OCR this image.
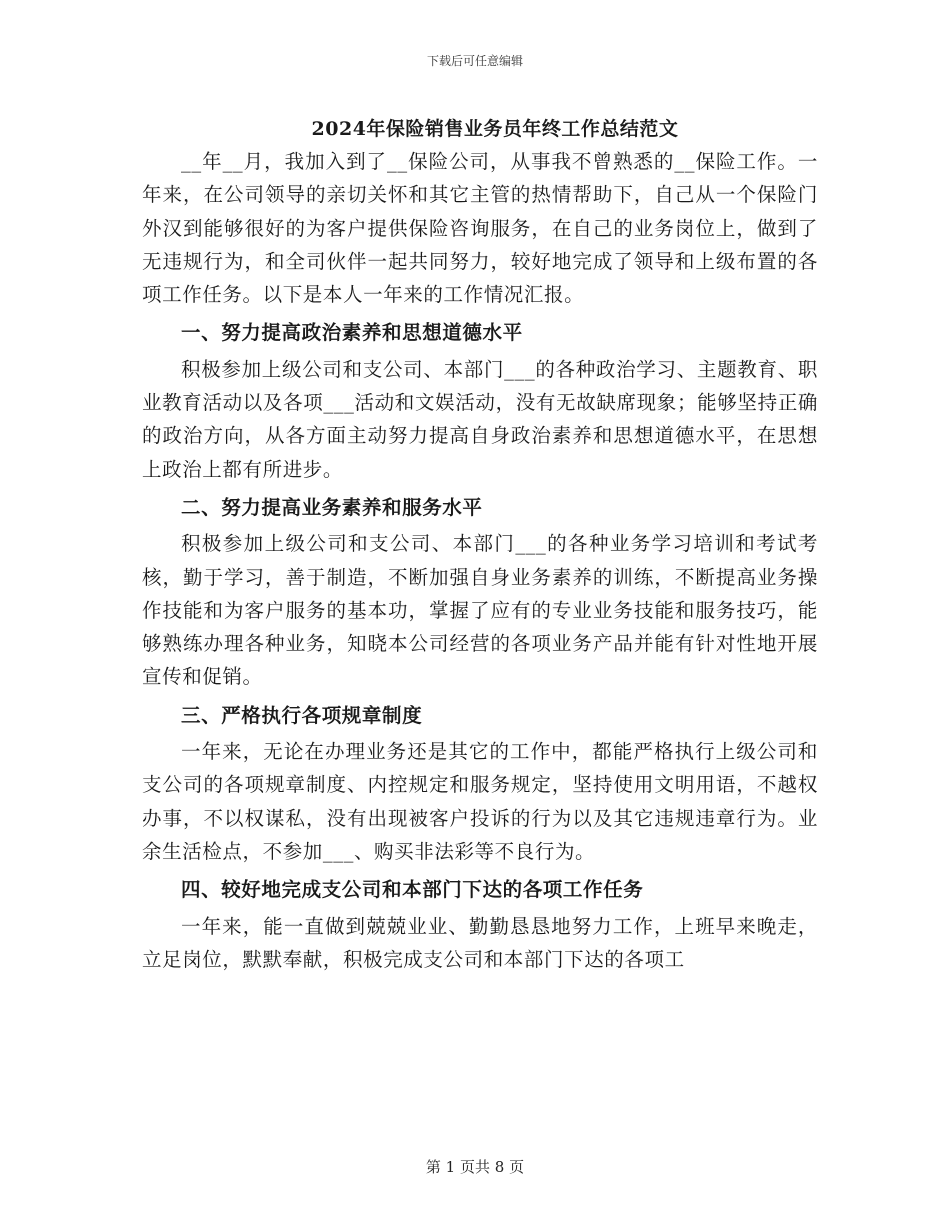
下载后可任意编辑
2024年保险销售业务员年终工作总结范文

__年__月，我加入到了__保险公司，从事我不曾熟悉的__保险工作。一年来，在公司领导的亲切关怀和其它主管的热情帮助下，自己从一个保险门外汉到能够很好的为客户提供保险咨询服务，在自己的业务岗位上，做到了无违规行为，和全司伙伴一起共同努力，较好地完成了领导和上级布置的各项工作任务。以下是本人一年来的工作情况汇报。

一、努力提高政治素养和思想道德水平

积极参加上级公司和支公司、本部门___的各种政治学习、主题教育、职业教育活动以及各项___活动和文娱活动，没有无故缺席现象；能够坚持正确的政治方向，从各方面主动努力提高自身政治素养和思想道德水平，在思想上政治上都有所进步。

二、努力提高业务素养和服务水平

积极参加上级公司和支公司、本部门___的各种业务学习培训和考试考核，勤于学习，善于制造，不断加强自身业务素养的训练，不断提高业务操作技能和为客户服务的基本功，掌握了应有的专业业务技能和服务技巧，能够熟练办理各种业务，知晓本公司经营的各项业务产品并能有针对性地开展宣传和促销。

三、严格执行各项规章制度

一年来，无论在办理业务还是其它的工作中，都能严格执行上级公司和支公司的各项规章制度、内控规定和服务规定，坚持使用文明用语，不越权办事，不以权谋私，没有出现被客户投诉的行为以及其它违规违章行为。业余生活检点，不参加___、购买非法彩等不良行为。

四、较好地完成支公司和本部门下达的各项工作任务

一年来，能一直做到兢兢业业、勤勤恳恳地努力工作，上班早来晚走，立足岗位，默默奉献，积极完成支公司和本部门下达的各项工

第 1 页共 8 页
